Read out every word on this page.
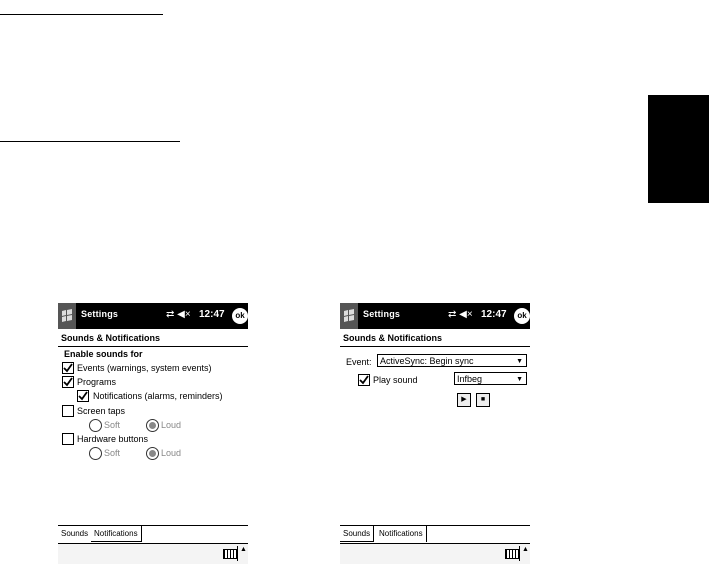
Settings	⇄ ◀× 12:47	ok
Sounds & Notifications
Enable sounds for
Events (warnings, system events)
Programs
Notifications (alarms, reminders)
Screen taps
Soft	Loud
Hardware buttons
Soft	Loud
Sounds Notifications
▲
Settings	⇄ ◀× 12:47	ok
Sounds & Notifications
Event: ActiveSync: Begin sync	▼
Play sound	Infbeg	▼
▶	■
Sounds	Notifications
▲
